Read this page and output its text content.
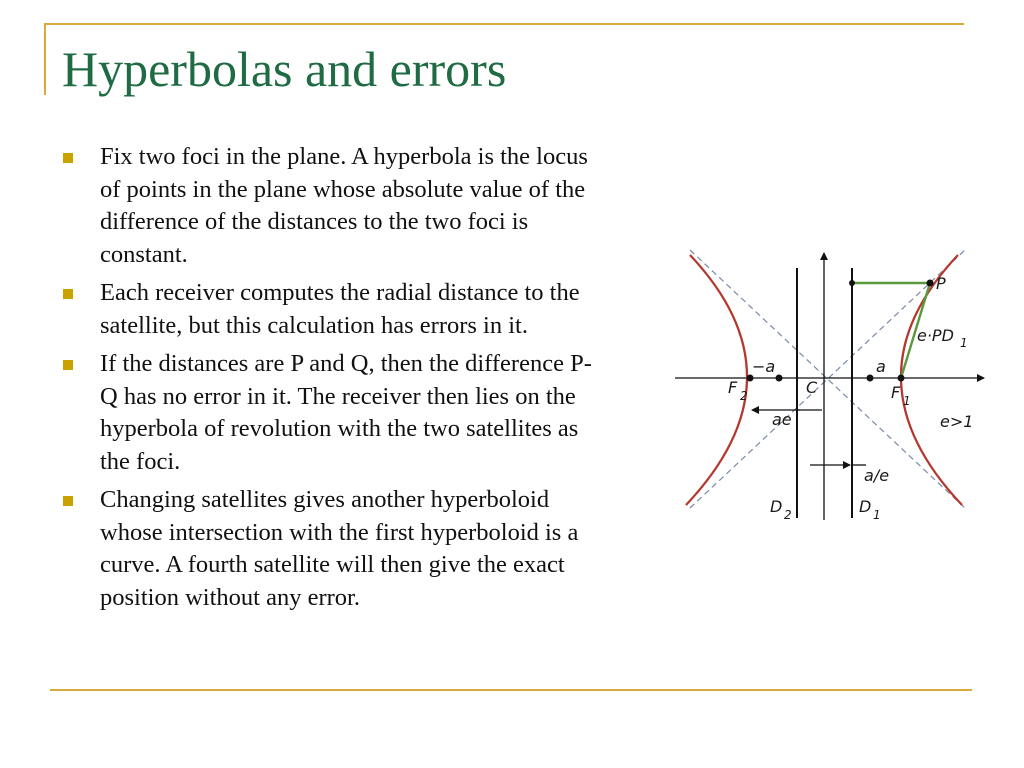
Hyperbolas and errors
Fix two foci in the plane. A hyperbola is the locus of points in the plane whose absolute value of the difference of the distances to the two foci is constant.
Each receiver computes the radial distance to the satellite, but this calculation has errors in it.
If the distances are P and Q, then the difference P-Q has no error in it. The receiver then lies on the hyperbola of revolution with the two satellites as the foci.
Changing satellites gives another hyperboloid whose intersection with the first hyperboloid is a curve. A fourth satellite will then give the exact position without any error.
P
e·PD 1
−a	a
F 2	C	F 1
ae	e>1
a/e
D 2	D 1
